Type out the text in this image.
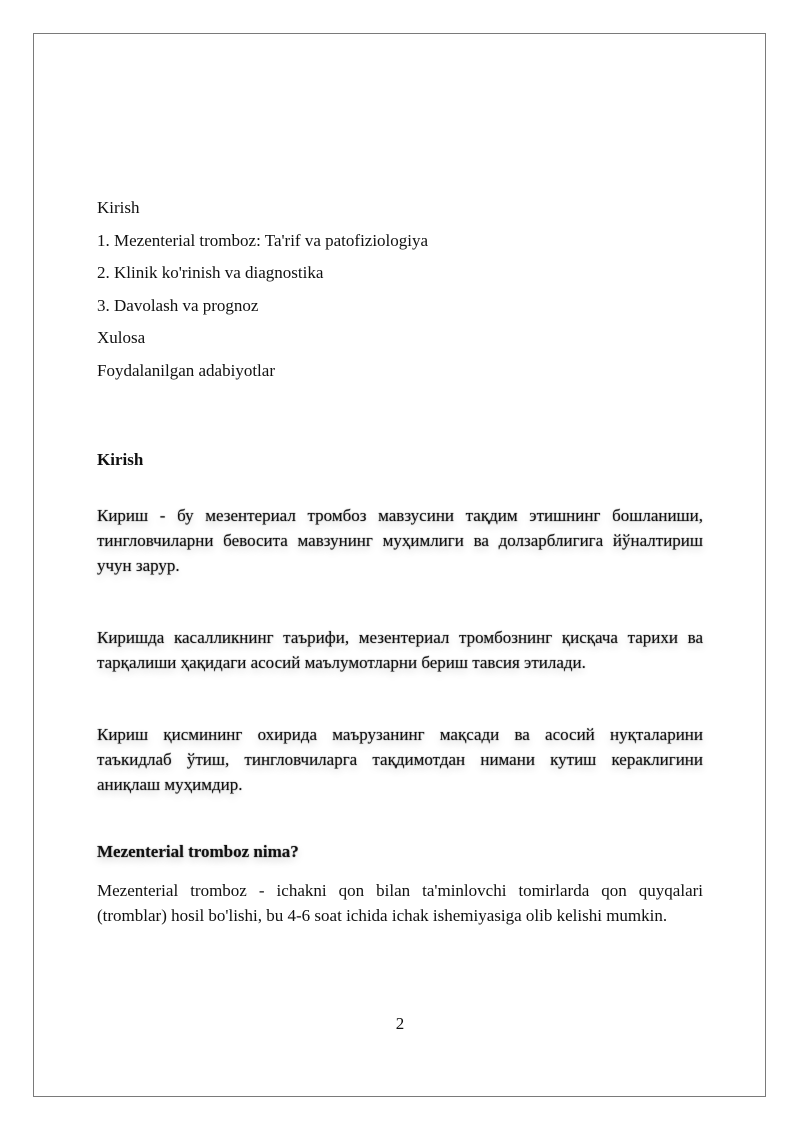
Kirish

1. Mezenterial tromboz: Ta'rif va patofiziologiya

2. Klinik ko'rinish va diagnostika

3. Davolash va prognoz

Xulosa

Foydalanilgan adabiyotlar

Kirish

Кириш - бу мезентериал тромбоз мавзусини тақдим этишнинг бошланиши, тингловчиларни бевосита мавзунинг муҳимлиги ва долзарблигига йўналтириш учун зарур.

Киришда касалликнинг таърифи, мезентериал тромбознинг қисқача тарихи ва тарқалиши ҳақидаги асосий маълумотларни бериш тавсия этилади.

Кириш қисмининг охирида маърузанинг мақсади ва асосий нуқталарини таъкидлаб ўтиш, тингловчиларга тақдимотдан нимани кутиш кераклигини аниқлаш муҳимдир.

Mezenterial tromboz nima?

Mezenterial tromboz - ichakni qon bilan ta'minlovchi tomirlarda qon quyqalari (tromblar) hosil bo'lishi, bu 4-6 soat ichida ichak ishemiyasiga olib kelishi mumkin.

2
